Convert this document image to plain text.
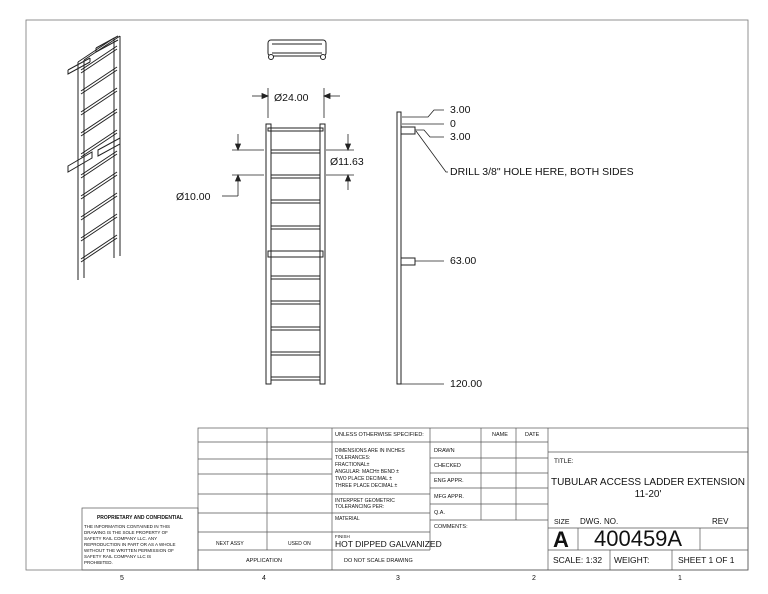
Ø24.00
Ø11.63
Ø10.00
3.00
0
3.00
DRILL 3/8" HOLE HERE, BOTH SIDES
63.00
120.00
UNLESS OTHERWISE SPECIFIED:	NAME	DATE
DIMENSIONS ARE IN INCHES
TOLERANCES:
FRACTIONAL±
ANGULAR: MACH± BEND ±
TWO PLACE DECIMAL ±
THREE PLACE DECIMAL ±
INTERPRET GEOMETRIC
TOLERANCING PER:
MATERIAL
FINISH
HOT DIPPED GALVANIZED
DO NOT SCALE DRAWING
DRAWN
CHECKED
ENG APPR.
MFG APPR.
Q.A.
COMMENTS:
TITLE:
TUBULAR ACCESS LADDER EXTENSION
11-20'
SIZE
A
DWG. NO.
400459A
REV
SCALE: 1:32 WEIGHT:	SHEET 1 OF 1
NEXT ASSY	USED ON
APPLICATION
PROPRIETARY AND CONFIDENTIAL
THE INFORMATION CONTAINED IN THIS
DRAWING IS THE SOLE PROPERTY OF
SAFETY RAIL COMPANY LLC. ANY
REPRODUCTION IN PART OR AS A WHOLE
WITHOUT THE WRITTEN PERMISSION OF
SAFETY RAIL COMPANY LLC IS
PROHIBITED.
5	4	3	2	1
